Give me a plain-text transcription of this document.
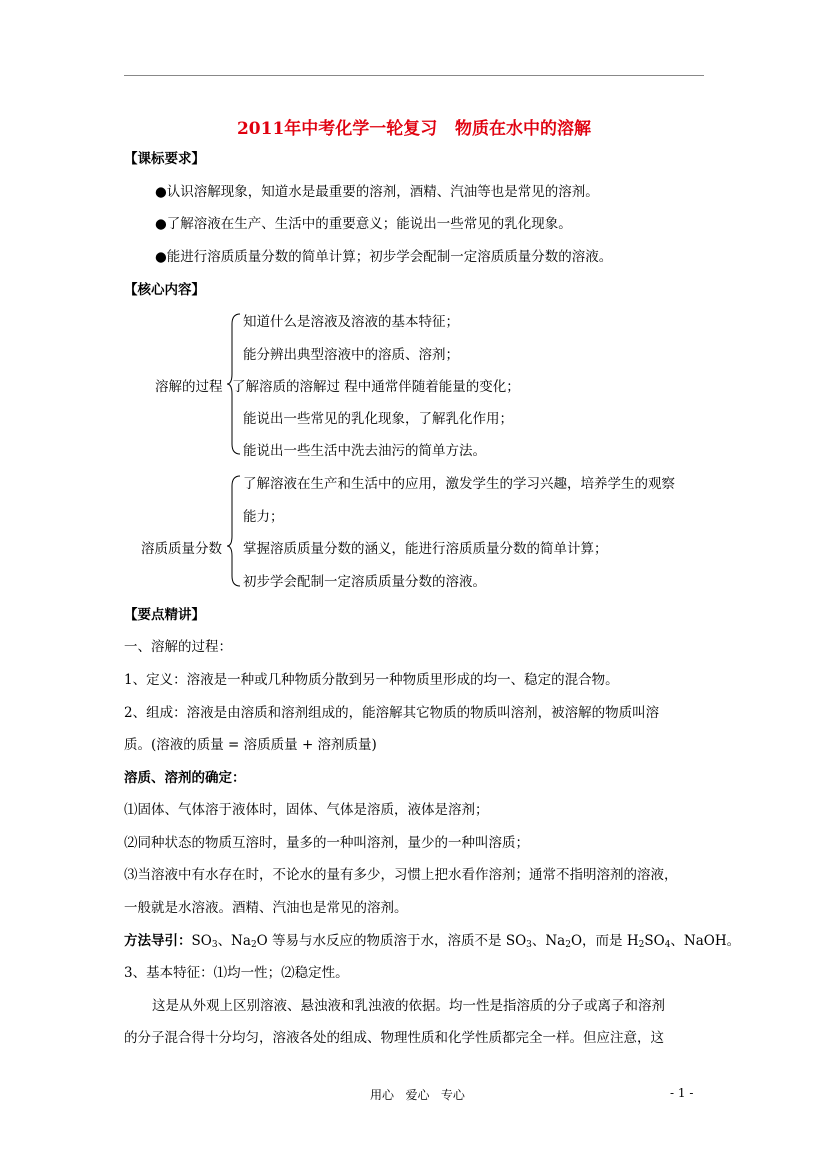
2011年中考化学一轮复习   物质在水中的溶解
【课标要求】
●认识溶解现象，知道水是最重要的溶剂，酒精、汽油等也是常见的溶剂。
●了解溶液在生产、生活中的重要意义；能说出一些常见的乳化现象。
●能进行溶质质量分数的简单计算；初步学会配制一定溶质质量分数的溶液。
【核心内容】
溶解的过程
知道什么是溶液及溶液的基本特征；
能分辨出典型溶液中的溶质、溶剂；
了解溶质的溶解过 程中通常伴随着能量的变化；
能说出一些常见的乳化现象，了解乳化作用；
能说出一些生活中洗去油污的简单方法。
溶质质量分数
了解溶液在生产和生活中的应用，激发学生的学习兴趣，培养学生的观察
能力；
掌握溶质质量分数的涵义，能进行溶质质量分数的简单计算；
初步学会配制一定溶质质量分数的溶液。
【要点精讲】
一、溶解的过程：
1、定义：溶液是一种或几种物质分散到另一种物质里形成的均一、稳定的混合物。
2、组成：溶液是由溶质和溶剂组成的，能溶解其它物质的物质叫溶剂，被溶解的物质叫溶
质。(溶液的质量 = 溶质质量 + 溶剂质量)
溶质、溶剂的确定：
⑴固体、气体溶于液体时，固体、气体是溶质，液体是溶剂；
⑵同种状态的物质互溶时，量多的一种叫溶剂，量少的一种叫溶质；
⑶当溶液中有水存在时，不论水的量有多少，习惯上把水看作溶剂；通常不指明溶剂的溶液，
一般就是水溶液。酒精、汽油也是常见的溶剂。
方法导引：$SO_3$、$Na_2O$ 等易与水反应的物质溶于水，溶质不是 $SO_3$、$Na_2O$，而是 $H_2SO_4$、NaOH。
3、基本特征：⑴均一性；⑵稳定性。
这是从外观上区别溶液、悬浊液和乳浊液的依据。均一性是指溶质的分子或离子和溶剂
的分子混合得十分均匀，溶液各处的组成、物理性质和化学性质都完全一样。但应注意，这
用心   爱心   专心	- 1 -
